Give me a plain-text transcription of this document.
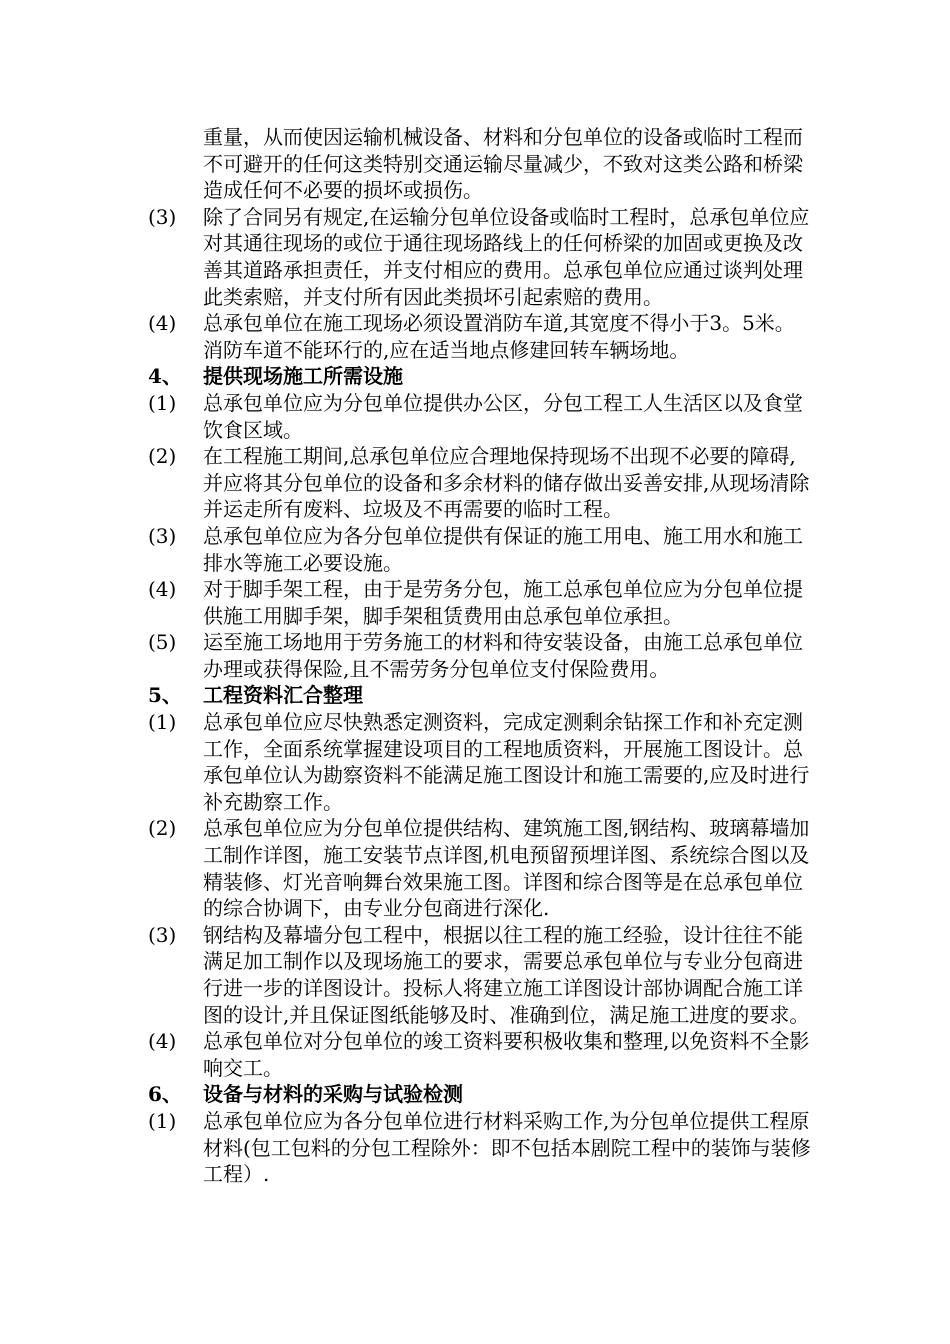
重量，从而使因运输机械设备、材料和分包单位的设备或临时工程而不可避开的任何这类特别交通运输尽量减少，不致对这类公路和桥梁造成任何不必要的损坏或损伤。
(3)	除了合同另有规定,在运输分包单位设备或临时工程时，总承包单位应对其通往现场的或位于通往现场路线上的任何桥梁的加固或更换及改善其道路承担责任，并支付相应的费用。总承包单位应通过谈判处理此类索赔，并支付所有因此类损坏引起索赔的费用。
(4)	总承包单位在施工现场必须设置消防车道,其宽度不得小于3。5米。消防车道不能环行的,应在适当地点修建回转车辆场地。
4、	提供现场施工所需设施
(1)	总承包单位应为分包单位提供办公区，分包工程工人生活区以及食堂饮食区域。
(2)	在工程施工期间,总承包单位应合理地保持现场不出现不必要的障碍,并应将其分包单位的设备和多余材料的储存做出妥善安排,从现场清除并运走所有废料、垃圾及不再需要的临时工程。
(3)	总承包单位应为各分包单位提供有保证的施工用电、施工用水和施工排水等施工必要设施。
(4)	对于脚手架工程，由于是劳务分包，施工总承包单位应为分包单位提供施工用脚手架，脚手架租赁费用由总承包单位承担。
(5)	运至施工场地用于劳务施工的材料和待安装设备，由施工总承包单位办理或获得保险,且不需劳务分包单位支付保险费用。
5、	工程资料汇合整理
(1)	总承包单位应尽快熟悉定测资料，完成定测剩余钻探工作和补充定测工作，全面系统掌握建设项目的工程地质资料，开展施工图设计。总承包单位认为勘察资料不能满足施工图设计和施工需要的,应及时进行补充勘察工作。
(2)	总承包单位应为分包单位提供结构、建筑施工图,钢结构、玻璃幕墙加工制作详图，施工安装节点详图,机电预留预埋详图、系统综合图以及精装修、灯光音响舞台效果施工图。详图和综合图等是在总承包单位的综合协调下，由专业分包商进行深化.
(3)	钢结构及幕墙分包工程中，根据以往工程的施工经验，设计往往不能满足加工制作以及现场施工的要求，需要总承包单位与专业分包商进行进一步的详图设计。投标人将建立施工详图设计部协调配合施工详图的设计,并且保证图纸能够及时、准确到位，满足施工进度的要求。
(4)	总承包单位对分包单位的竣工资料要积极收集和整理,以免资料不全影响交工。
6、	设备与材料的采购与试验检测
(1)	总承包单位应为各分包单位进行材料采购工作,为分包单位提供工程原材料(包工包料的分包工程除外：即不包括本剧院工程中的装饰与装修工程）.
